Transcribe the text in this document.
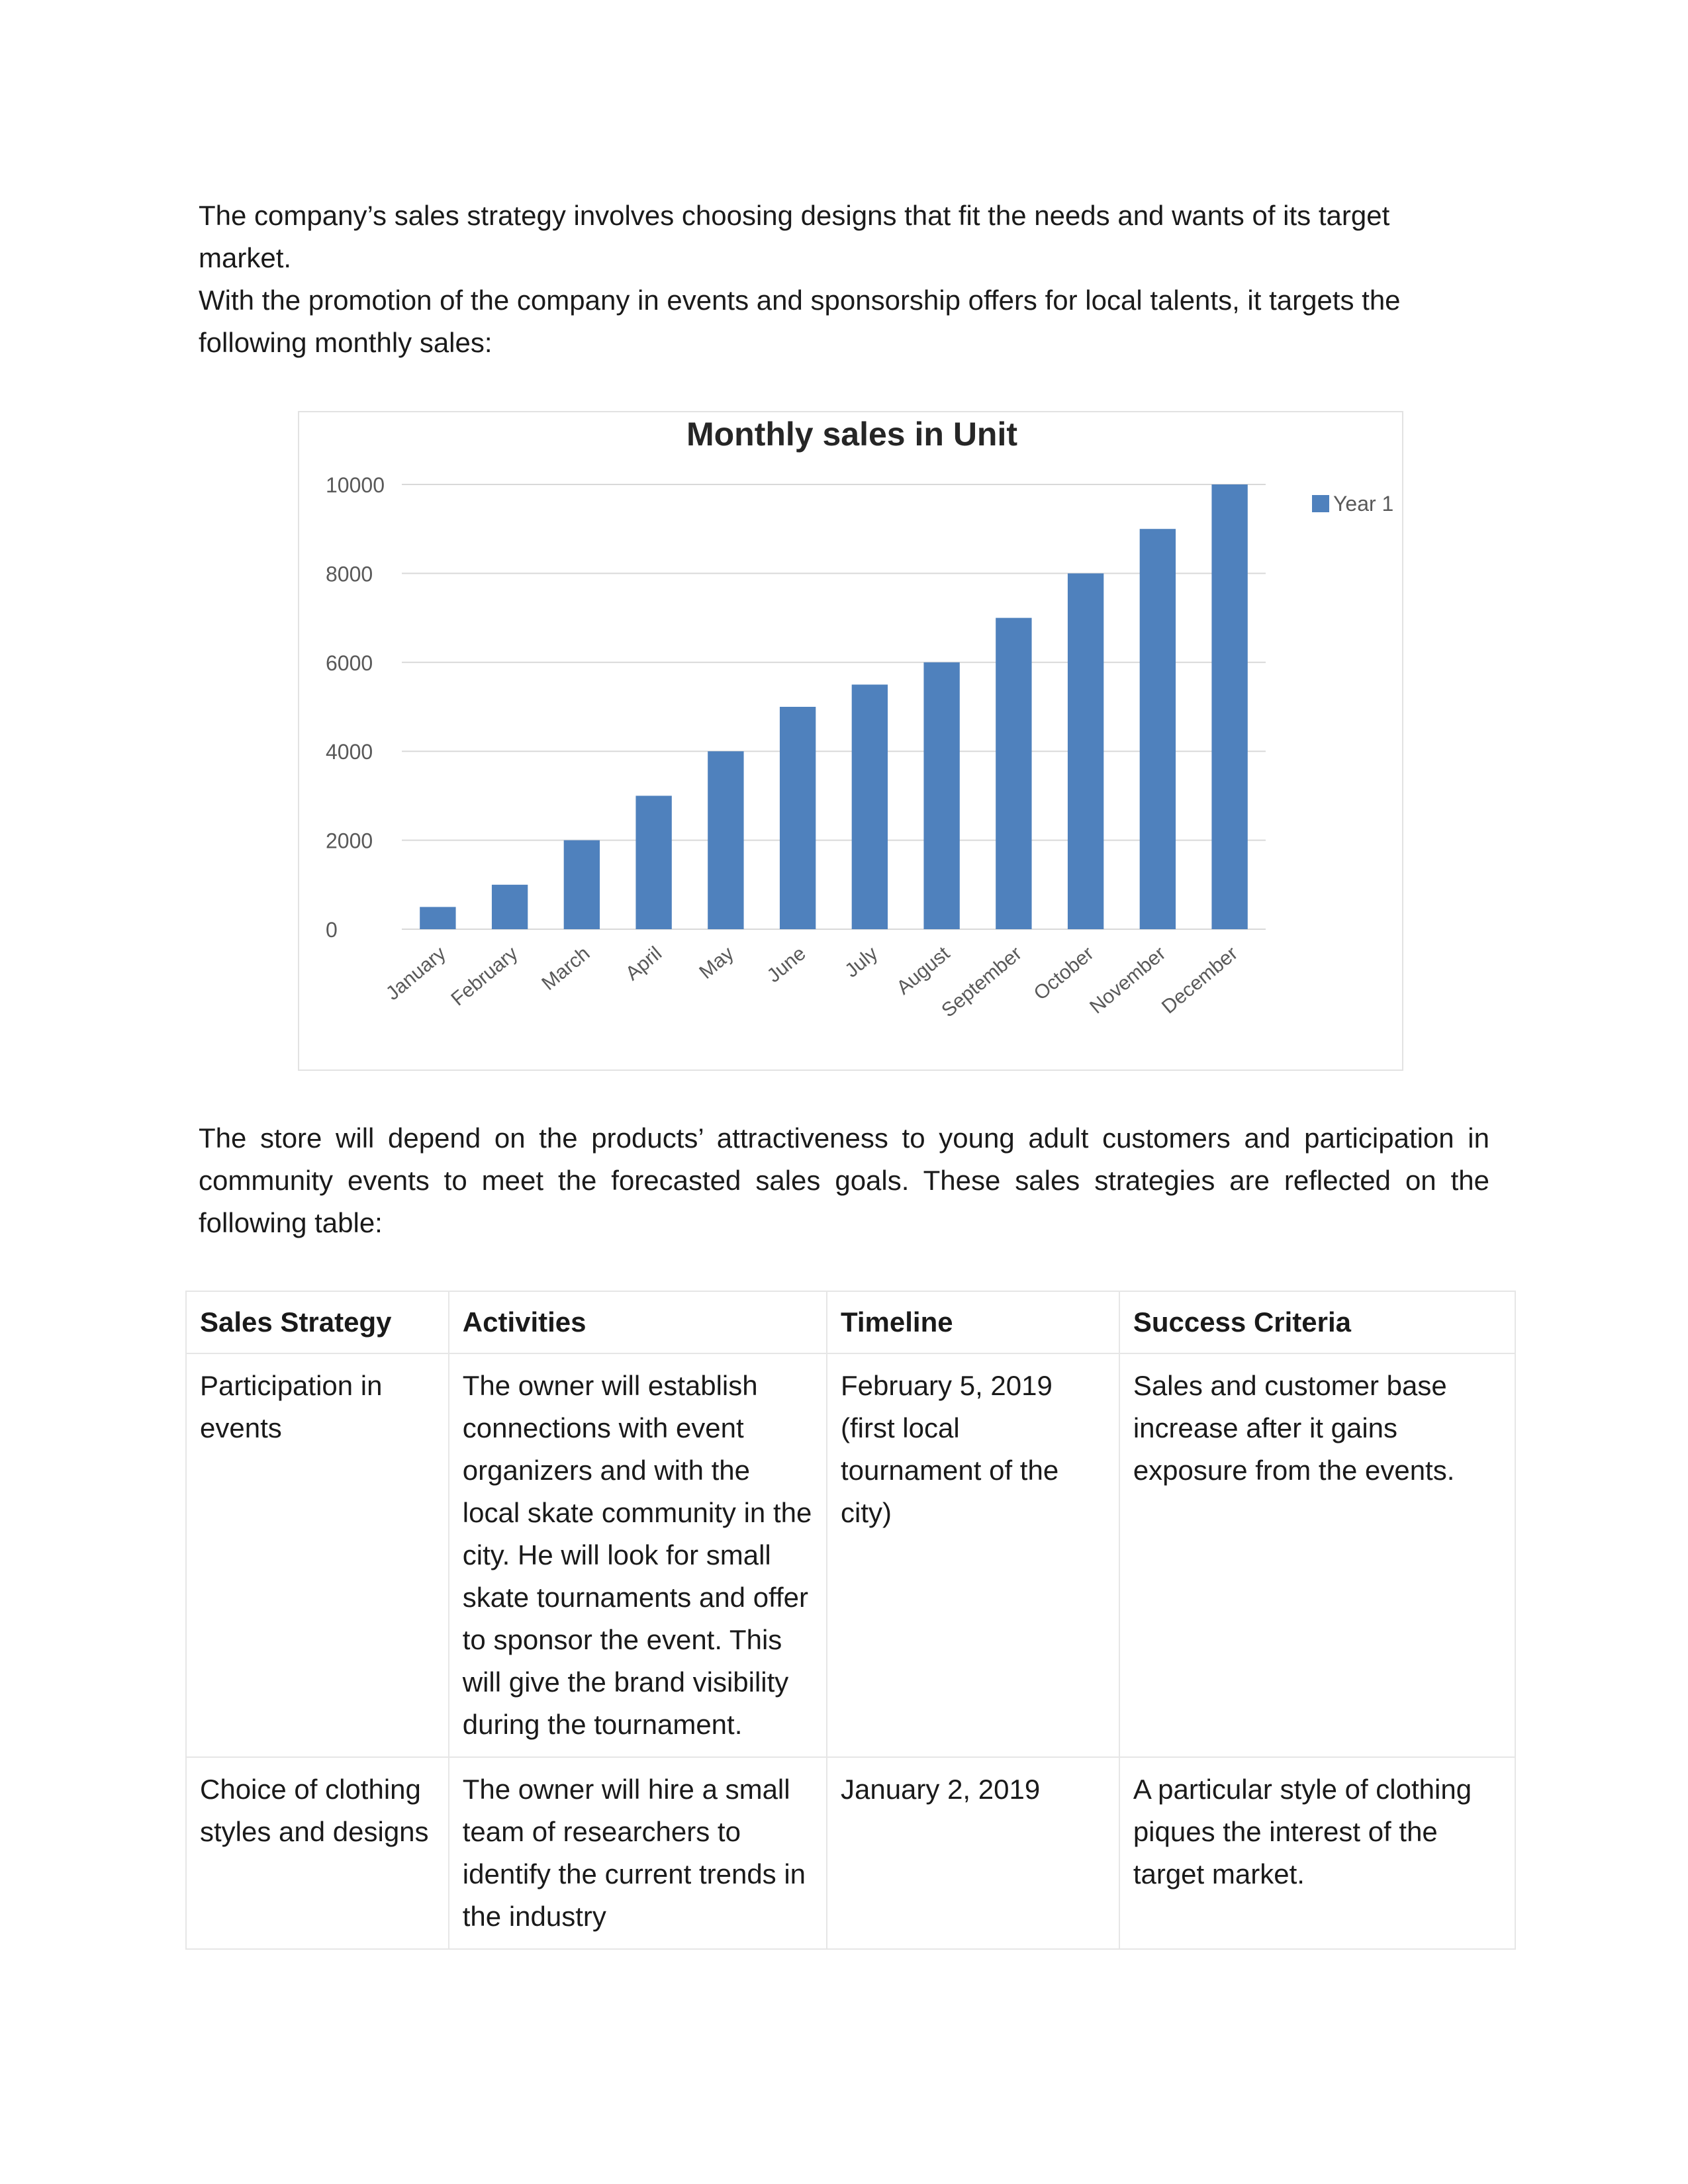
The company’s sales strategy involves choosing designs that fit the needs and wants of its target market.

With the promotion of the company in events and sponsorship offers for local talents, it targets the following monthly sales:

0
2000
4000
6000
8000
10000
Monthly sales in Unit
January
February March April May June July August
September October
November
December
Year 1

The store will depend on the products’ attractiveness to young adult customers and participation in community events to meet the forecasted sales goals. These sales strategies are reflected on the following table:

Sales Strategy	Activities	Timeline	Success Criteria
Participation in events	The owner will establish connections with event organizers and with the local skate community in the city. He will look for small skate tournaments and offer to sponsor the event. This will give the brand visibility during the tournament.	February 5, 2019 (first local tournament of the city)	Sales and customer base increase after it gains exposure from the events.
Choice of clothing styles and designs	The owner will hire a small team of researchers to identify the current trends in the industry	January 2, 2019	A particular style of clothing piques the interest of the target market.
